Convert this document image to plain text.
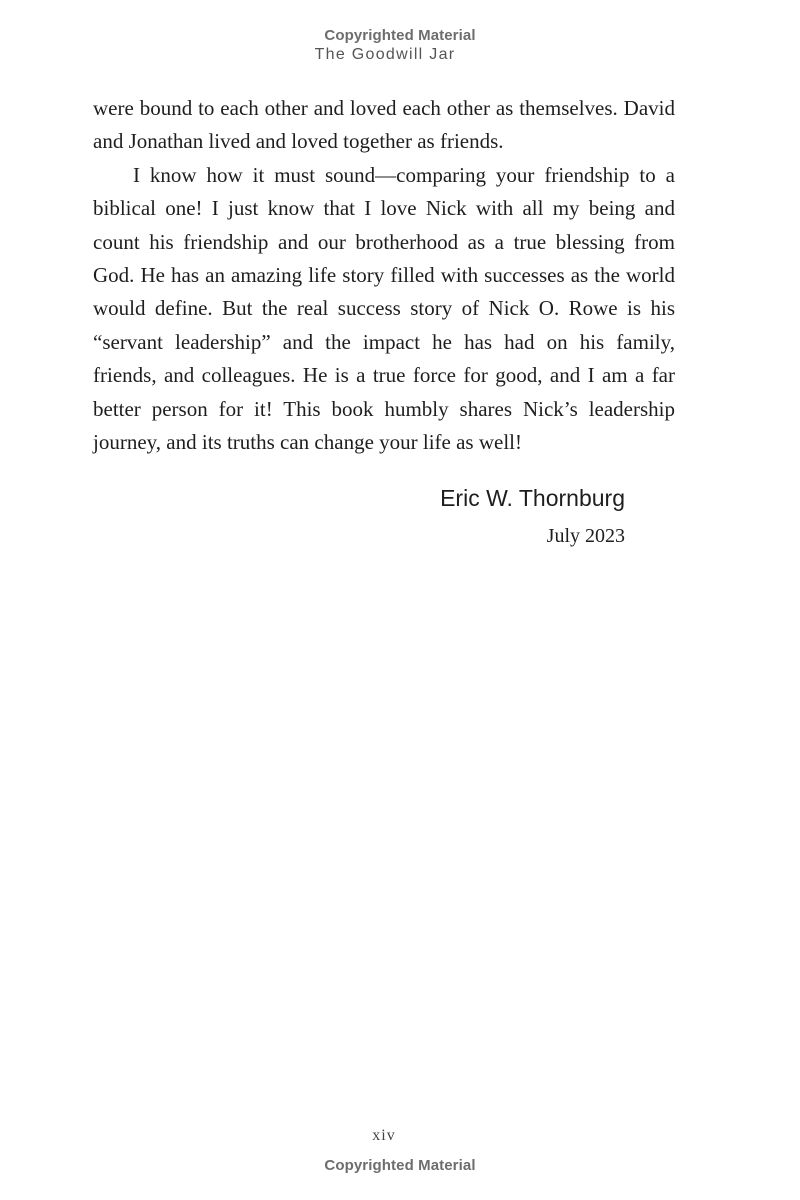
Copyrighted Material
The Goodwill Jar

were bound to each other and loved each other as themselves. David and Jonathan lived and loved together as friends.

I know how it must sound—comparing your friendship to a biblical one! I just know that I love Nick with all my being and count his friendship and our brotherhood as a true blessing from God. He has an amazing life story filled with successes as the world would define. But the real success story of Nick O. Rowe is his “servant leadership” and the impact he has had on his family, friends, and colleagues. He is a true force for good, and I am a far better person for it! This book humbly shares Nick’s leadership journey, and its truths can change your life as well!

Eric W. Thornburg
July 2023
xiv
Copyrighted Material
